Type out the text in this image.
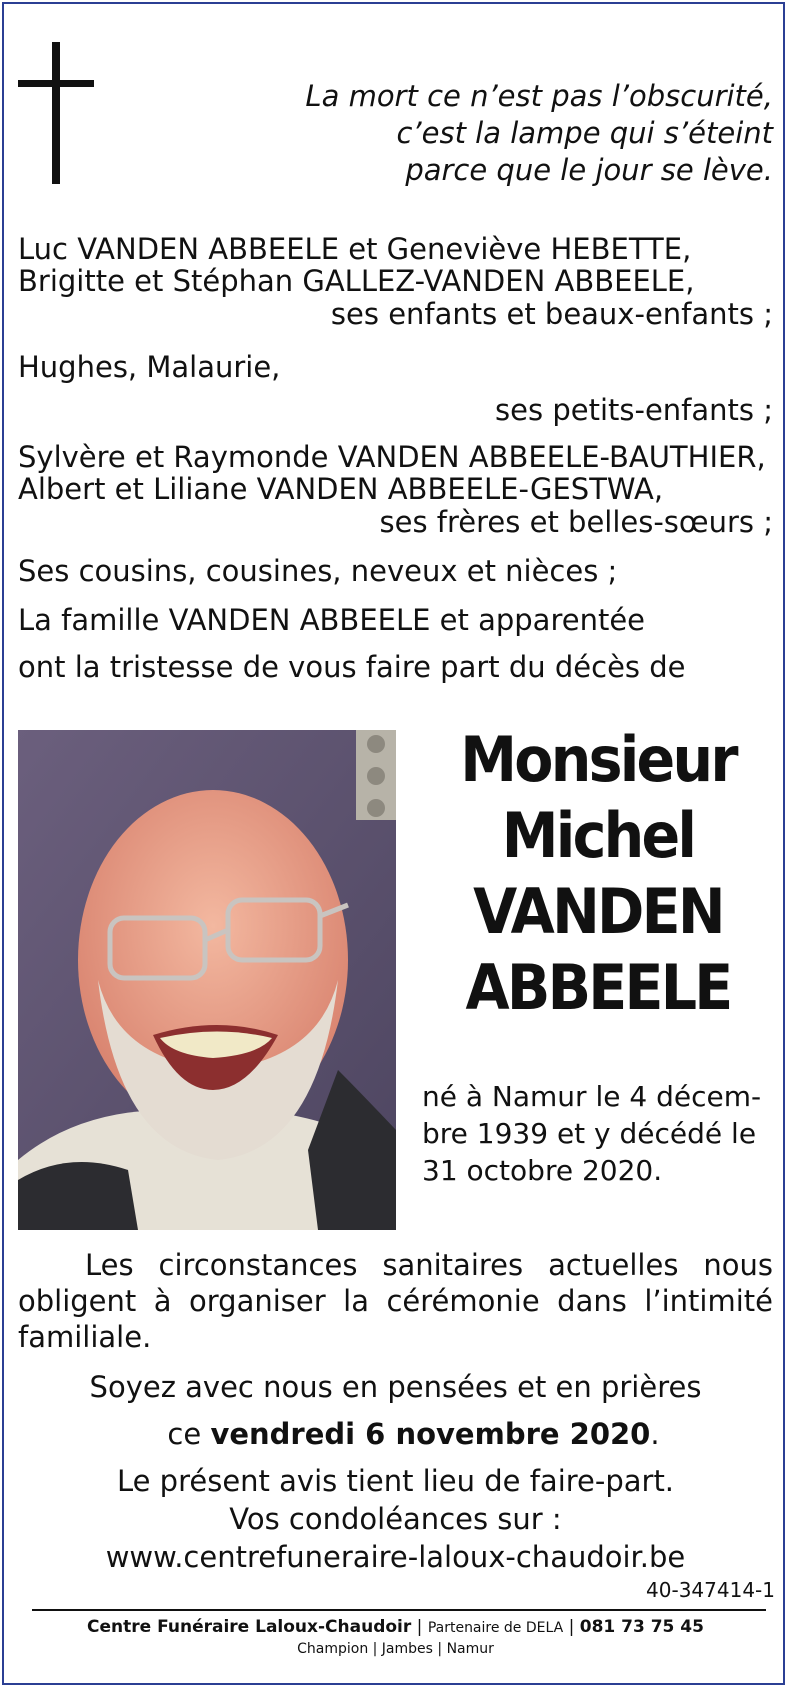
La mort ce n’est pas l’obscurité,
c’est la lampe qui s’éteint
parce que le jour se lève.
Luc VANDEN ABBEELE et Geneviève HEBETTE,
Brigitte et Stéphan GALLEZ-VANDEN ABBEELE,
ses enfants et beaux-enfants ;
Hughes, Malaurie,
ses petits-enfants ;
Sylvère et Raymonde VANDEN ABBEELE-BAUTHIER,
Albert et Liliane VANDEN ABBEELE-GESTWA,
ses frères et belles-sœurs ;
Ses cousins, cousines, neveux et nièces ;
La famille VANDEN ABBEELE et apparentée
ont la tristesse de vous faire part du décès de
Monsieur
Michel
VANDEN
ABBEELE
né à Namur le 4 décem-
bre 1939 et y décédé le
31 octobre 2020.
Les circonstances sanitaires actuelles nous
obligent à organiser la cérémonie dans l’intimité
familiale.
Soyez avec nous en pensées et en prières
ce vendredi 6 novembre 2020.
Le présent avis tient lieu de faire-part.
Vos condoléances sur :
www.centrefuneraire-laloux-chaudoir.be
40-347414-1
Centre Funéraire Laloux-Chaudoir | Partenaire de DELA | 081 73 75 45
Champion | Jambes | Namur
